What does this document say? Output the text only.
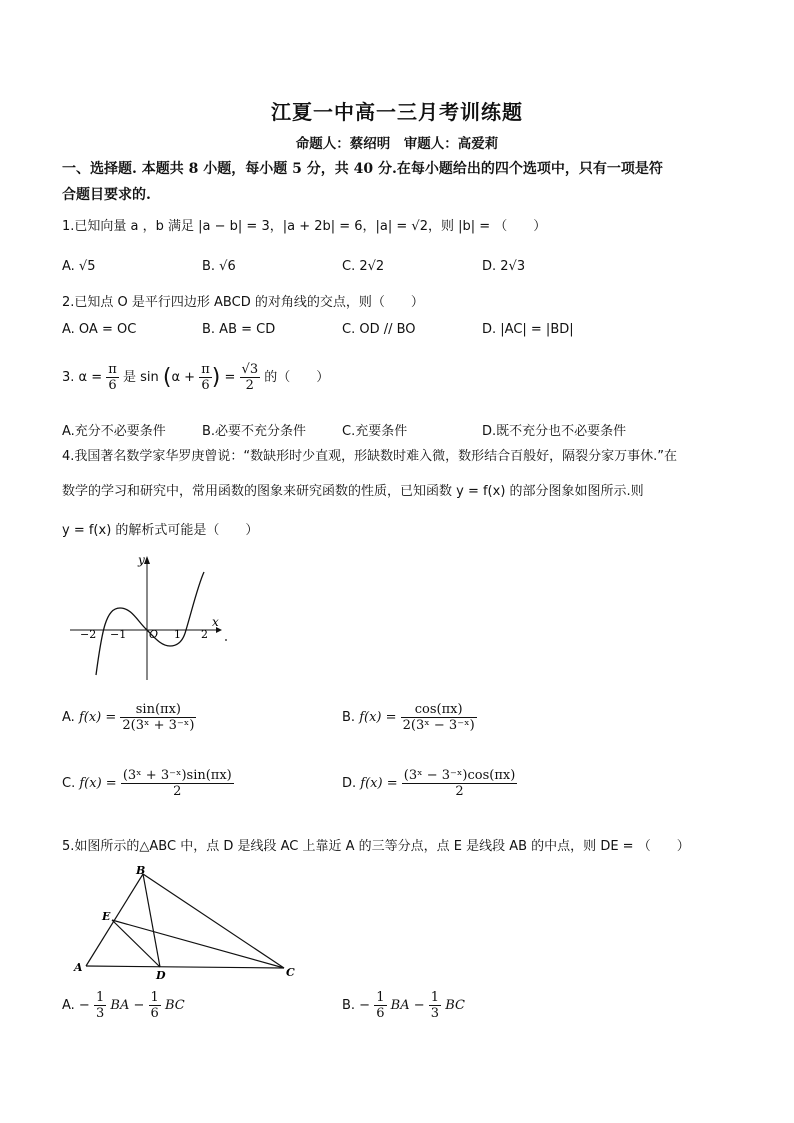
江夏一中高一三月考训练题
命题人：蔡绍明　审题人：高爱莉
一、选择题. 本题共 8 小题，每小题 5 分，共 40 分.在每小题给出的四个选项中，只有一项是符
合题目要求的.
1.已知向量 a ，b 满足 |a − b| = 3，|a + 2b| = 6，|a| = √2，则 |b| = （　　）
A. √5	B. √6	C. 2√2	D. 2√3
2.已知点 O 是平行四边形 ABCD 的对角线的交点，则（　　）
A. OA = OC	B. AB = CD	C. OD // BO	D. |AC| = |BD|
3. $\alpha = \frac{\pi}{6}$ 是 $\sin (\alpha + \frac{\pi}{6}$ ) = $\frac{√3}{2}$ 的（　　）
A.充分不必要条件	B.必要不充分条件	C.充要条件	D.既不充分也不必要条件
4.我国著名数学家华罗庚曾说：“数缺形时少直观，形缺数时难入微，数形结合百般好，隔裂分家万事休.”在
数学的学习和研究中，常用函数的图象来研究函数的性质，已知函数 y = f(x) 的部分图象如图所示.则
y = f(x) 的解析式可能是（　　）
y
x
O
−2 −1	1 2
A. $f(x) = \frac{\sin(\pi x)}{\text{2(3ˣ + 3⁻ˣ)}}$	B. $f(x) = \frac{\cos(\pi x)}{\text{2(3ˣ − 3⁻ˣ)}}$
C. $f(x) = \frac{\text{(3ˣ + 3⁻ˣ)sin(πx)}}{2}$	D. $f(x) = \frac{\text{(3ˣ − 3⁻ˣ)cos(πx)}}{2}$
5.如图所示的△ABC 中，点 D 是线段 AC 上靠近 A 的三等分点，点 E 是线段 AB 的中点，则 DE = （　　）
B
E
A
D	C
A. − $\frac{1}{3}$ BA − $\frac{1}{6}$ BC	B. − $\frac{1}{6}$ BA − $\frac{1}{3}$ BC
